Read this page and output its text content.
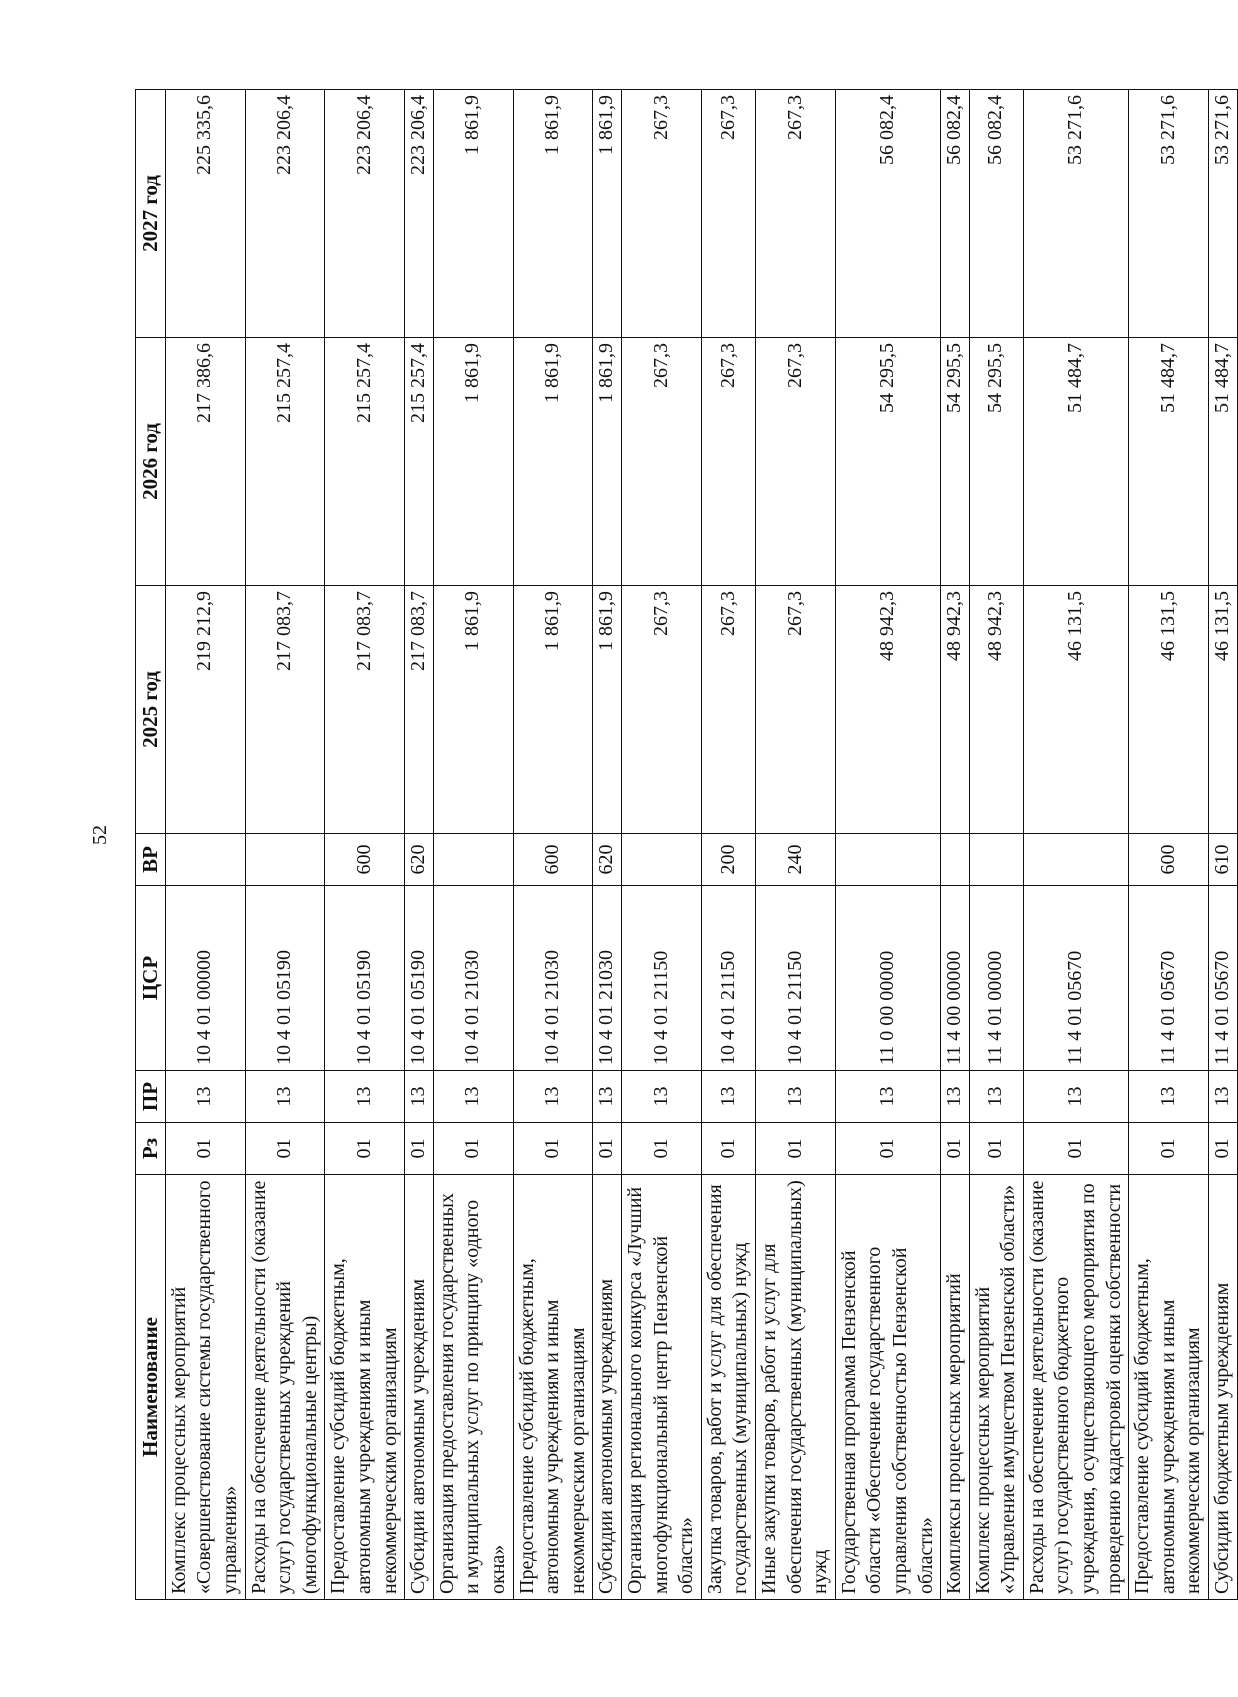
52
Наименование	Рз	ПР	ЦСР	ВР	2025 год	2026 год	2027 год
Комплекс процессных мероприятий «Совершенствование системы государственного управления»	01	13	10 4 01 00000		219 212,9	217 386,6	225 335,6
Расходы на обеспечение деятельности (оказание услуг) государственных учреждений (многофункциональные центры)	01	13	10 4 01 05190		217 083,7	215 257,4	223 206,4
Предоставление субсидий бюджетным, автономным учреждениям и иным некоммерческим организациям	01	13	10 4 01 05190	600	217 083,7	215 257,4	223 206,4
Субсидии автономным учреждениям	01	13	10 4 01 05190	620	217 083,7	215 257,4	223 206,4
Организация предоставления государственных и муниципальных услуг по принципу «одного окна»	01	13	10 4 01 21030		1 861,9	1 861,9	1 861,9
Предоставление субсидий бюджетным, автономным учреждениям и иным некоммерческим организациям	01	13	10 4 01 21030	600	1 861,9	1 861,9	1 861,9
Субсидии автономным учреждениям	01	13	10 4 01 21030	620	1 861,9	1 861,9	1 861,9
Организация регионального конкурса «Лучший многофункциональный центр Пензенской области»	01	13	10 4 01 21150		267,3	267,3	267,3
Закупка товаров, работ и услуг для обеспечения государственных (муниципальных) нужд	01	13	10 4 01 21150	200	267,3	267,3	267,3
Иные закупки товаров, работ и услуг для обеспечения государственных (муниципальных) нужд	01	13	10 4 01 21150	240	267,3	267,3	267,3
Государственная программа Пензенской области «Обеспечение государственного управления собственностью Пензенской области»	01	13	11 0 00 00000		48 942,3	54 295,5	56 082,4
Комплексы процессных мероприятий	01	13	11 4 00 00000		48 942,3	54 295,5	56 082,4
Комплекс процессных мероприятий «Управление имуществом Пензенской области»	01	13	11 4 01 00000		48 942,3	54 295,5	56 082,4
Расходы на обеспечение деятельности (оказание услуг) государственного бюджетного учреждения, осуществляющего мероприятия по проведению кадастровой оценки собственности	01	13	11 4 01 05670		46 131,5	51 484,7	53 271,6
Предоставление субсидий бюджетным, автономным учреждениям и иным некоммерческим организациям	01	13	11 4 01 05670	600	46 131,5	51 484,7	53 271,6
Субсидии бюджетным учреждениям	01	13	11 4 01 05670	610	46 131,5	51 484,7	53 271,6
